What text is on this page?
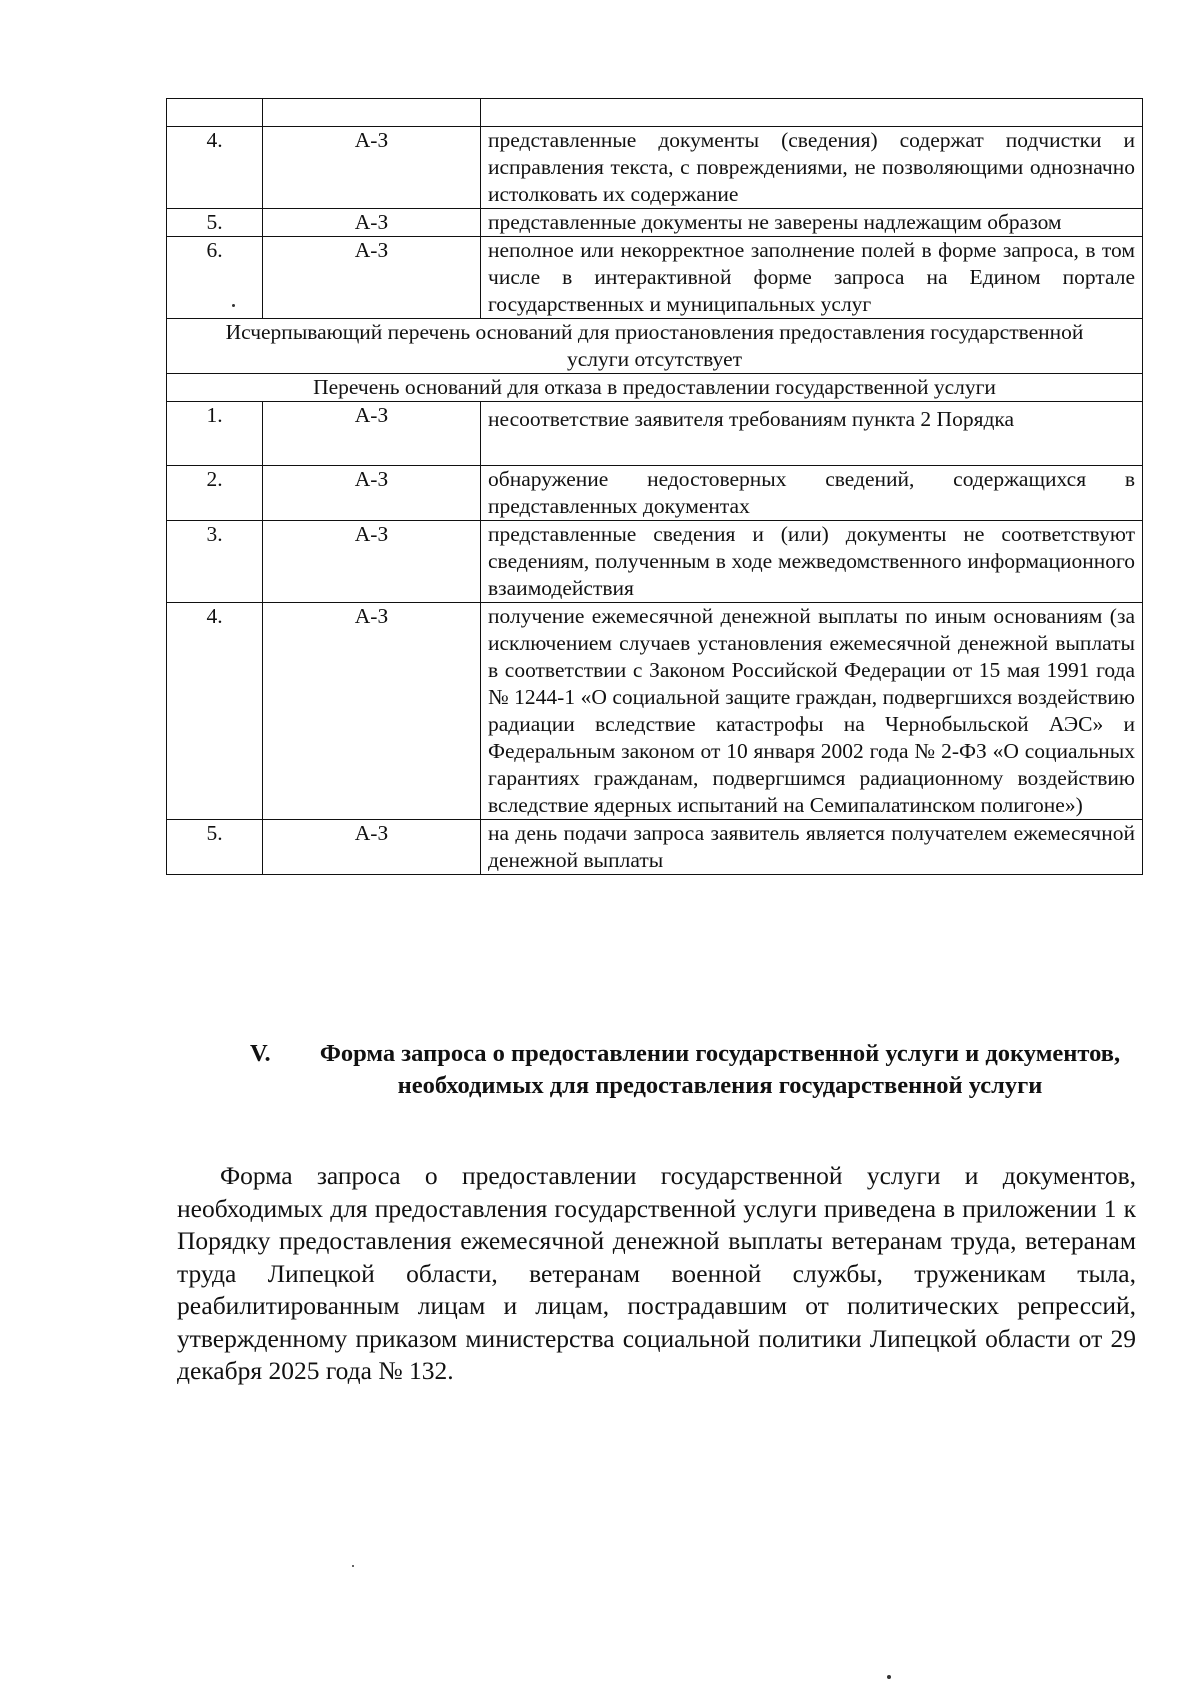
4.	А-З	представленные документы (сведения) содержат подчистки и исправления текста, с повреждениями, не позволяющими однозначно истолковать их содержание
5.	А-З	представленные документы не заверены надлежащим образом
6.	А-З	неполное или некорректное заполнение полей в форме запроса, в том числе в интерактивной форме запроса на Едином портале государственных и муниципальных услуг
Исчерпывающий перечень оснований для приостановления предоставления государственной услуги отсутствует		
Перечень оснований для отказа в предоставлении государственной услуги		
1.	А-З	несоответствие заявителя требованиям пункта 2 Порядка
2.	А-З	обнаружение недостоверных сведений, содержащихся в представленных документах
3.	А-З	представленные сведения и (или) документы не соответствуют сведениям, полученным в ходе межведомственного информационного взаимодействия
4.	А-З	получение ежемесячной денежной выплаты по иным основаниям (за исключением случаев установления ежемесячной денежной выплаты в соответствии с Законом Российской Федерации от 15 мая 1991 года № 1244-1 «О социальной защите граждан, подвергшихся воздействию радиации вследствие катастрофы на Чернобыльской АЭС» и Федеральным законом от 10 января 2002 года № 2-ФЗ «О социальных гарантиях гражданам, подвергшимся радиационному воздействию вследствие ядерных испытаний на Семипалатинском полигоне»)
5.	А-З	на день подачи запроса заявитель является получателем ежемесячной денежной выплаты
V.	Форма запроса о предоставлении государственной услуги и документов, необходимых для предоставления государственной услуги
Форма запроса о предоставлении государственной услуги и документов, необходимых для предоставления государственной услуги приведена в приложении 1 к Порядку предоставления ежемесячной денежной выплаты ветеранам труда, ветеранам труда Липецкой области, ветеранам военной службы, труженикам тыла, реабилитированным лицам и лицам, пострадавшим от политических репрессий, утвержденному приказом министерства социальной политики Липецкой области от 29 декабря 2025 года № 132.
